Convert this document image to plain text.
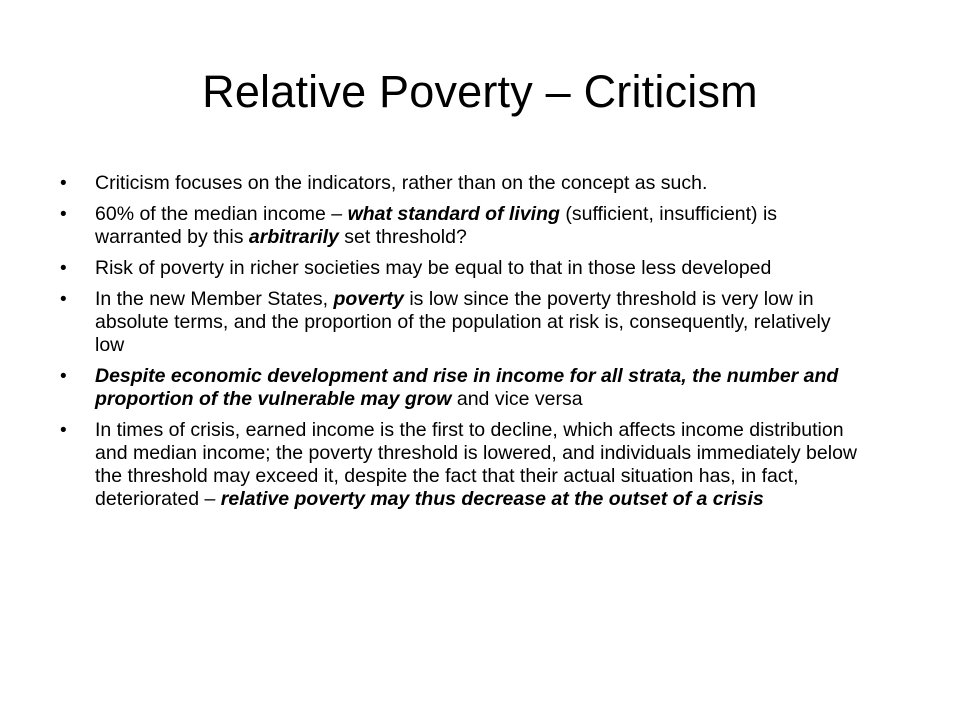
Relative Poverty – Criticism
•	Criticism focuses on the indicators, rather than on the concept as such.
•	60% of the median income – what standard of living (sufficient, insufficient) is warranted by this arbitrarily set threshold?
•	Risk of poverty in richer societies may be equal to that in those less developed
•	In the new Member States, poverty is low since the poverty threshold is very low in absolute terms, and the proportion of the population at risk is, consequently, relatively low
•	Despite economic development and rise in income for all strata, the number and proportion of the vulnerable may grow and vice versa
•	In times of crisis, earned income is the first to decline, which affects income distribution and median income; the poverty threshold is lowered, and individuals immediately below the threshold may exceed it, despite the fact that their actual situation has, in fact, deteriorated – relative poverty may thus decrease at the outset of a crisis
